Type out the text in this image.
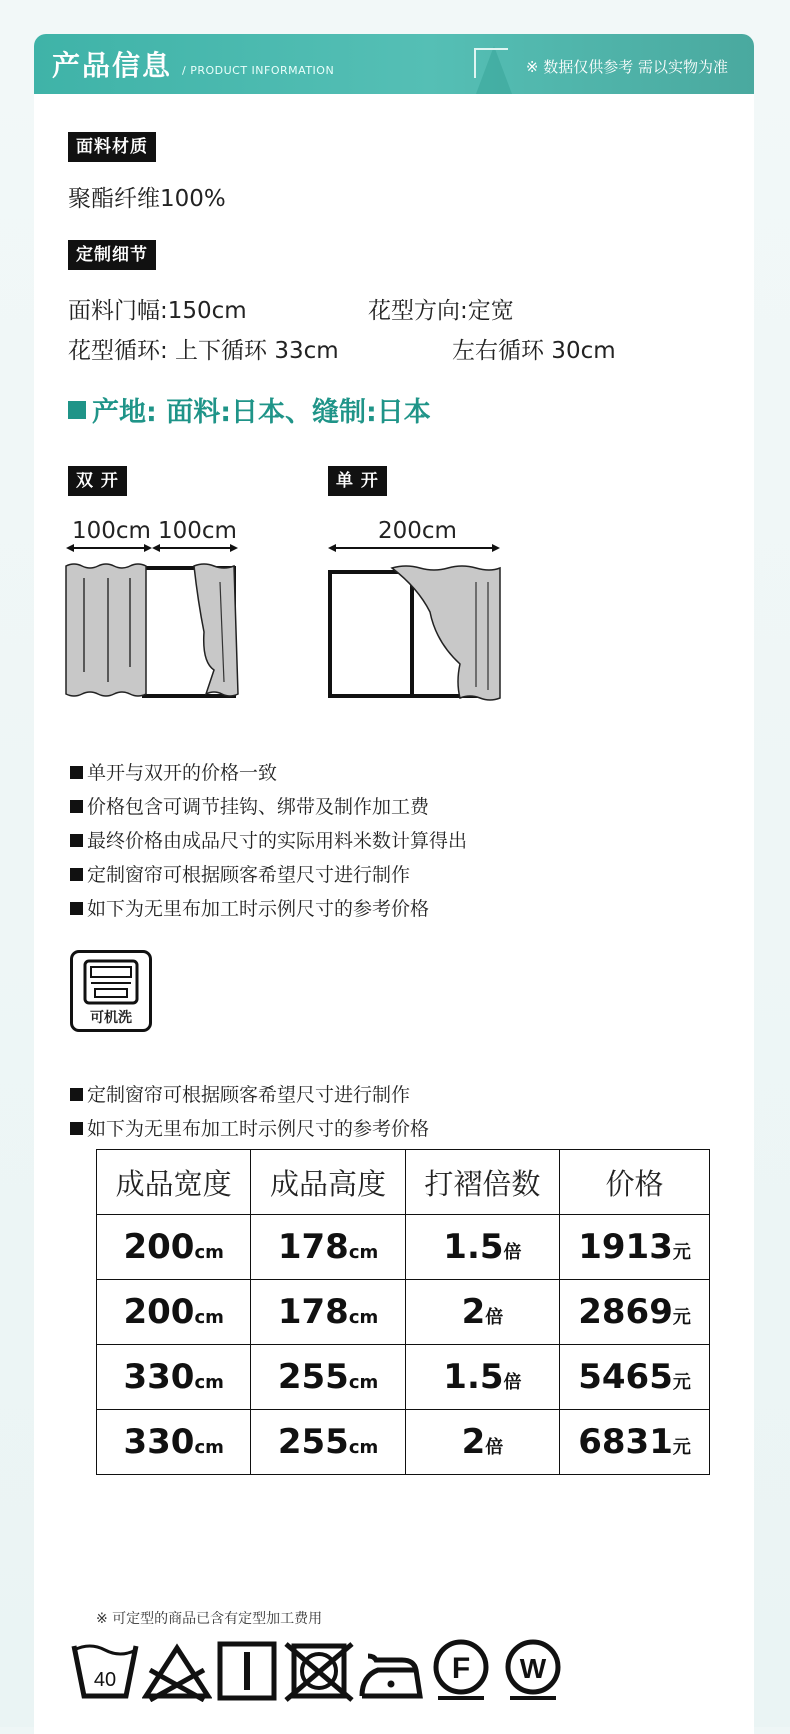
产品信息 / PRODUCT INFORMATION	※ 数据仅供参考 需以实物为准
面料材质
聚酯纤维100%
定制细节
面料门幅:150cm	花型方向:定宽
花型循环: 上下循环 33cm	左右循环 30cm
产地: 面料:日本、缝制:日本
双 开
100cm 100cm
单 开
200cm
单开与双开的价格一致
价格包含可调节挂钩、绑带及制作加工费
最终价格由成品尺寸的实际用料米数计算得出
定制窗帘可根据顾客希望尺寸进行制作
如下为无里布加工时示例尺寸的参考价格
可机洗
定制窗帘可根据顾客希望尺寸进行制作
如下为无里布加工时示例尺寸的参考价格
成品宽度	成品高度	打褶倍数	价格
200cm	178cm	1.5倍	1913元
200cm	178cm	2倍	2869元
330cm	255cm	1.5倍	5465元
330cm	255cm	2倍	6831元
※ 可定型的商品已含有定型加工费用
40	F W
